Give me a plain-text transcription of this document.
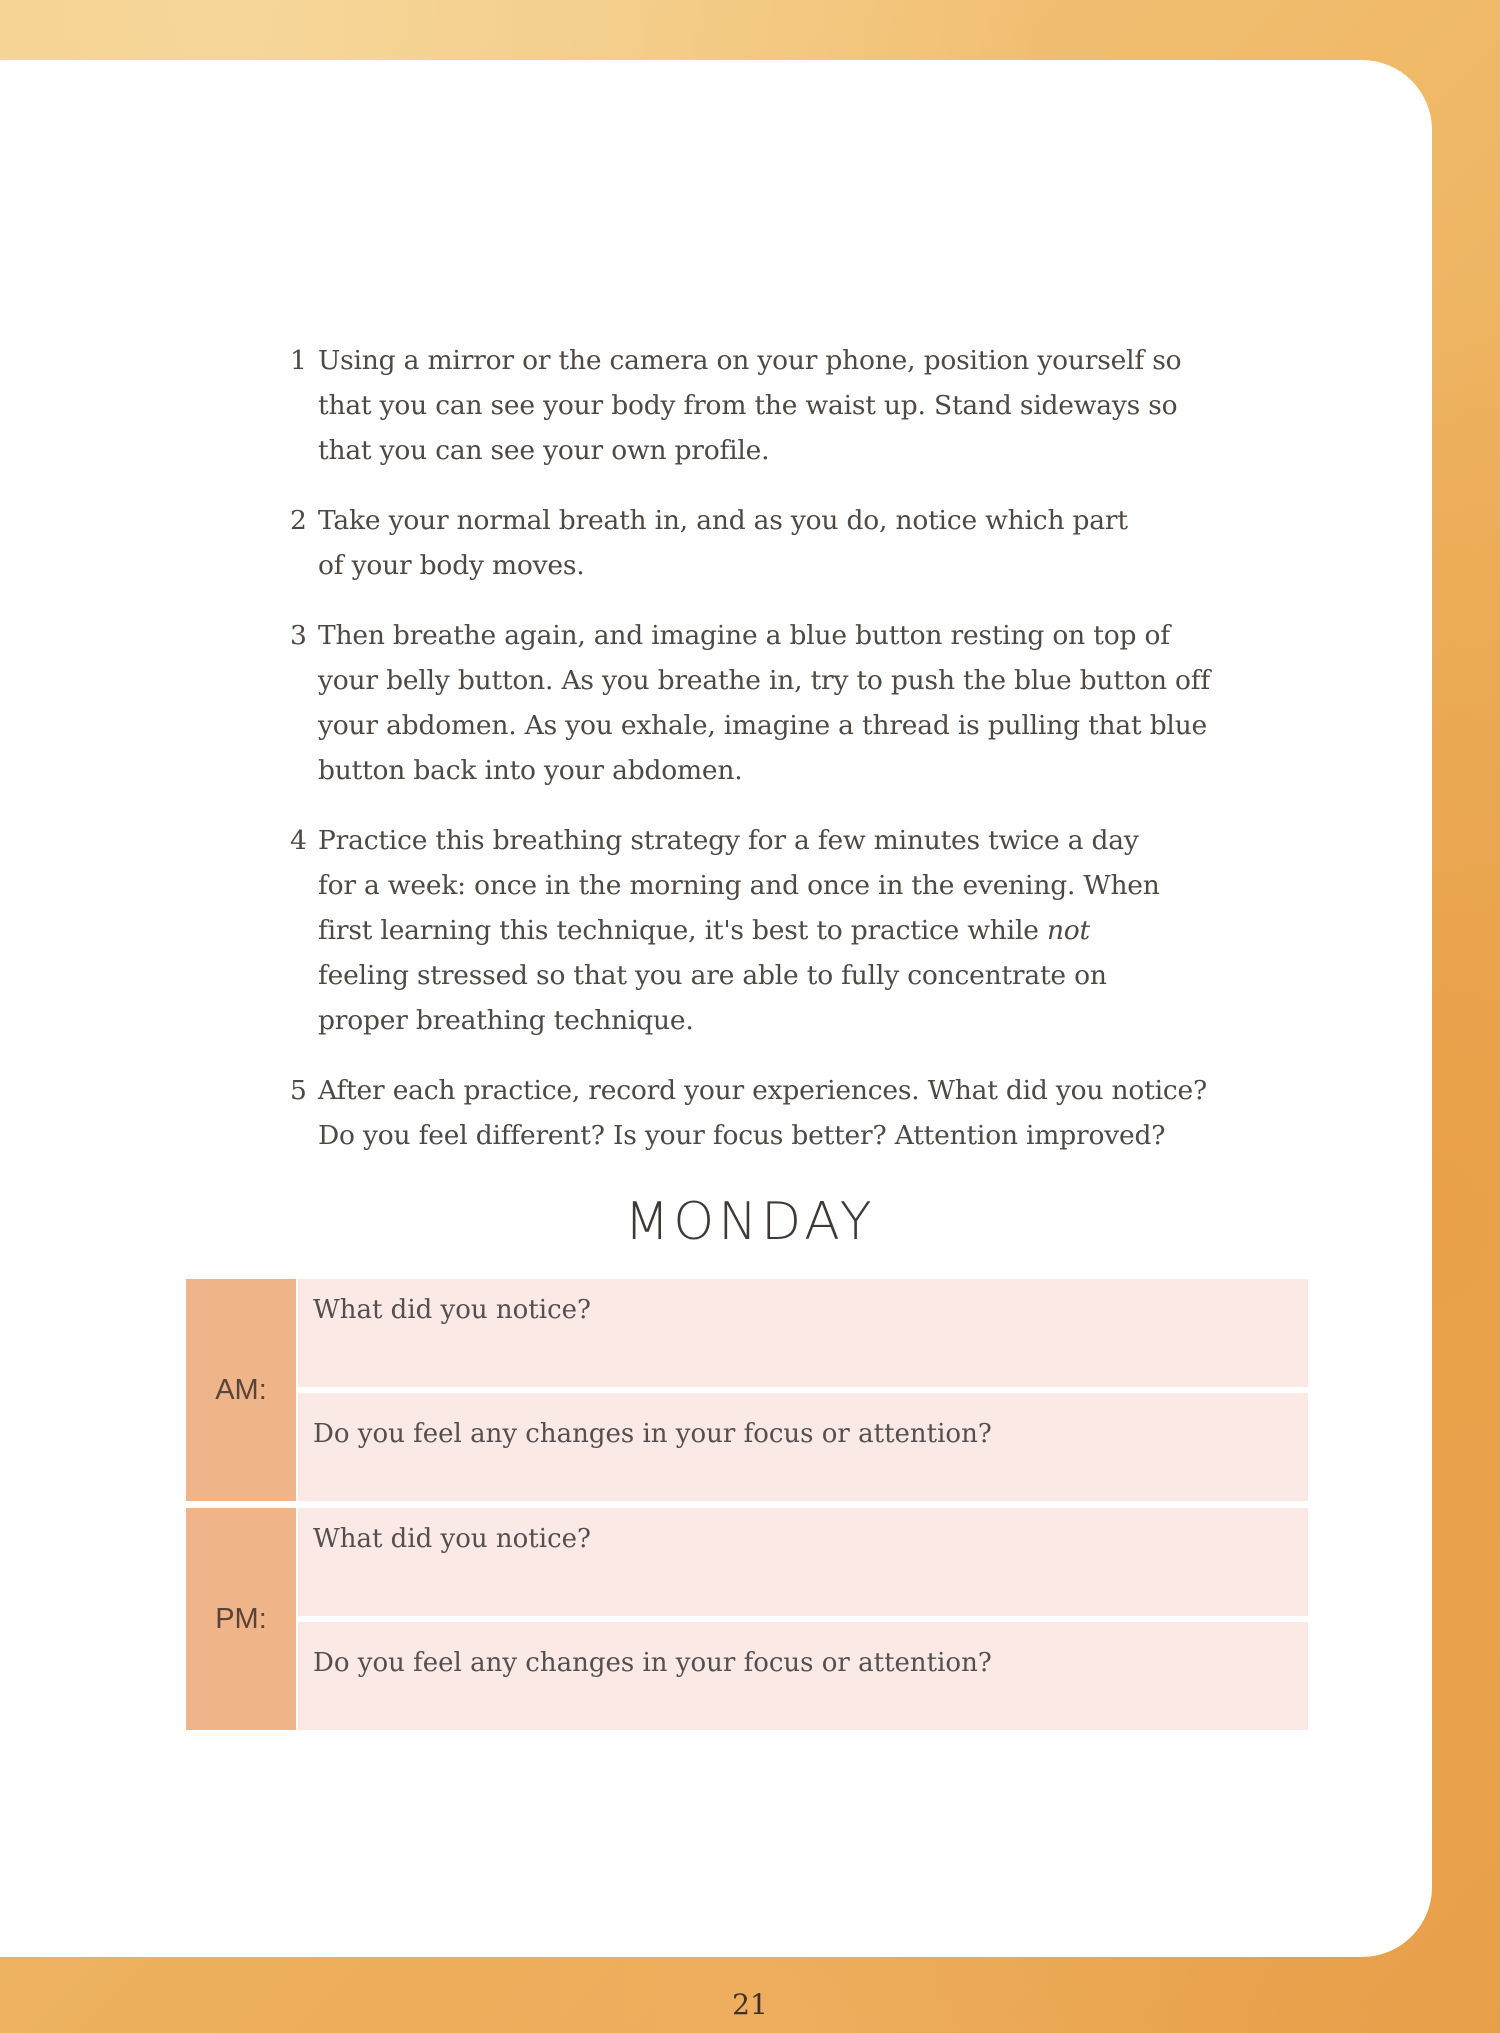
1 Using a mirror or the camera on your phone, position yourself so that you can see your body from the waist up. Stand sideways so that you can see your own profile.
2 Take your normal breath in, and as you do, notice which part of your body moves.
3 Then breathe again, and imagine a blue button resting on top of your belly button. As you breathe in, try to push the blue button off your abdomen. As you exhale, imagine a thread is pulling that blue button back into your abdomen.
4 Practice this breathing strategy for a few minutes twice a day for a week: once in the morning and once in the evening. When first learning this technique, it's best to practice while not feeling stressed so that you are able to fully concentrate on proper breathing technique.
5 After each practice, record your experiences. What did you notice? Do you feel different? Is your focus better? Attention improved?
MONDAY
AM:
What did you notice?
Do you feel any changes in your focus or attention?
PM:
What did you notice?
Do you feel any changes in your focus or attention?
21
